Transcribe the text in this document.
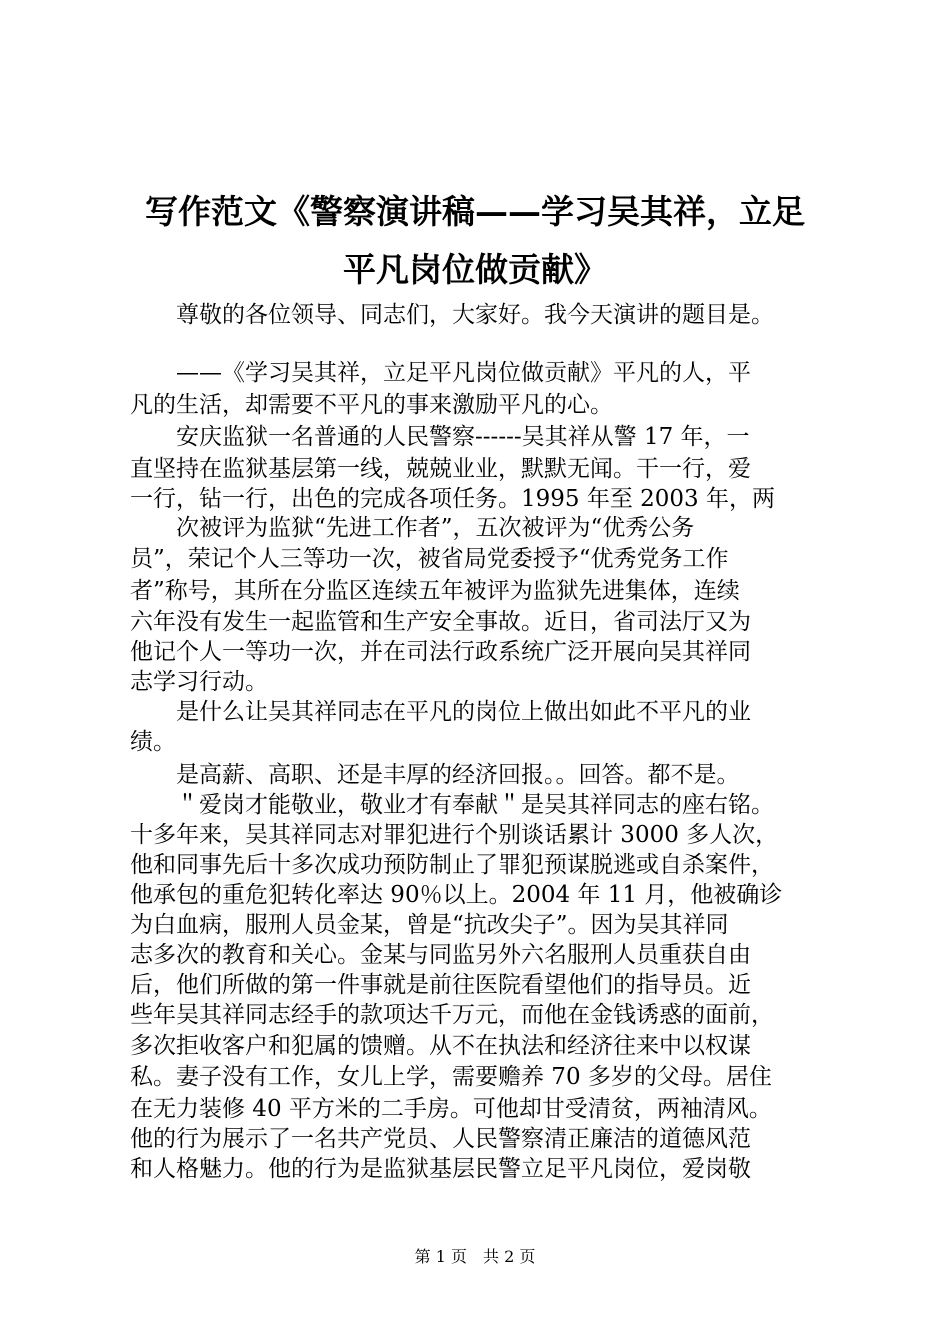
写作范文《警察演讲稿——学习吴其祥，立足
平凡岗位做贡献》
　　尊敬的各位领导、同志们，大家好。我今天演讲的题目是。
　　——《学习吴其祥，立足平凡岗位做贡献》平凡的人，平
凡的生活，却需要不平凡的事来激励平凡的心。
　　安庆监狱一名普通的人民警察------吴其祥从警 17 年，一
直坚持在监狱基层第一线，兢兢业业，默默无闻。干一行，爱
一行，钻一行，出色的完成各项任务。1995 年至 2003 年，两
　　次被评为监狱“先进工作者”，五次被评为“优秀公务
员”，荣记个人三等功一次，被省局党委授予“优秀党务工作
者”称号，其所在分监区连续五年被评为监狱先进集体，连续
六年没有发生一起监管和生产安全事故。近日，省司法厅又为
他记个人一等功一次，并在司法行政系统广泛开展向吴其祥同
志学习行动。
　　是什么让吴其祥同志在平凡的岗位上做出如此不平凡的业
绩。
　　是高薪、高职、还是丰厚的经济回报。。回答。都不是。
　　＂爱岗才能敬业，敬业才有奉献＂是吴其祥同志的座右铭。
十多年来，吴其祥同志对罪犯进行个别谈话累计 3000 多人次，
他和同事先后十多次成功预防制止了罪犯预谋脱逃或自杀案件，
他承包的重危犯转化率达 90％以上。2004 年 11 月，他被确诊
为白血病，服刑人员金某，曾是“抗改尖子”。因为吴其祥同
志多次的教育和关心。金某与同监另外六名服刑人员重获自由
后，他们所做的第一件事就是前往医院看望他们的指导员。近
些年吴其祥同志经手的款项达千万元，而他在金钱诱惑的面前，
多次拒收客户和犯属的馈赠。从不在执法和经济往来中以权谋
私。妻子没有工作，女儿上学，需要赡养 70 多岁的父母。居住
在无力装修 40 平方米的二手房。可他却甘受清贫，两袖清风。
他的行为展示了一名共产党员、人民警察清正廉洁的道德风范
和人格魅力。他的行为是监狱基层民警立足平凡岗位，爱岗敬
第 1 页　共 2 页
